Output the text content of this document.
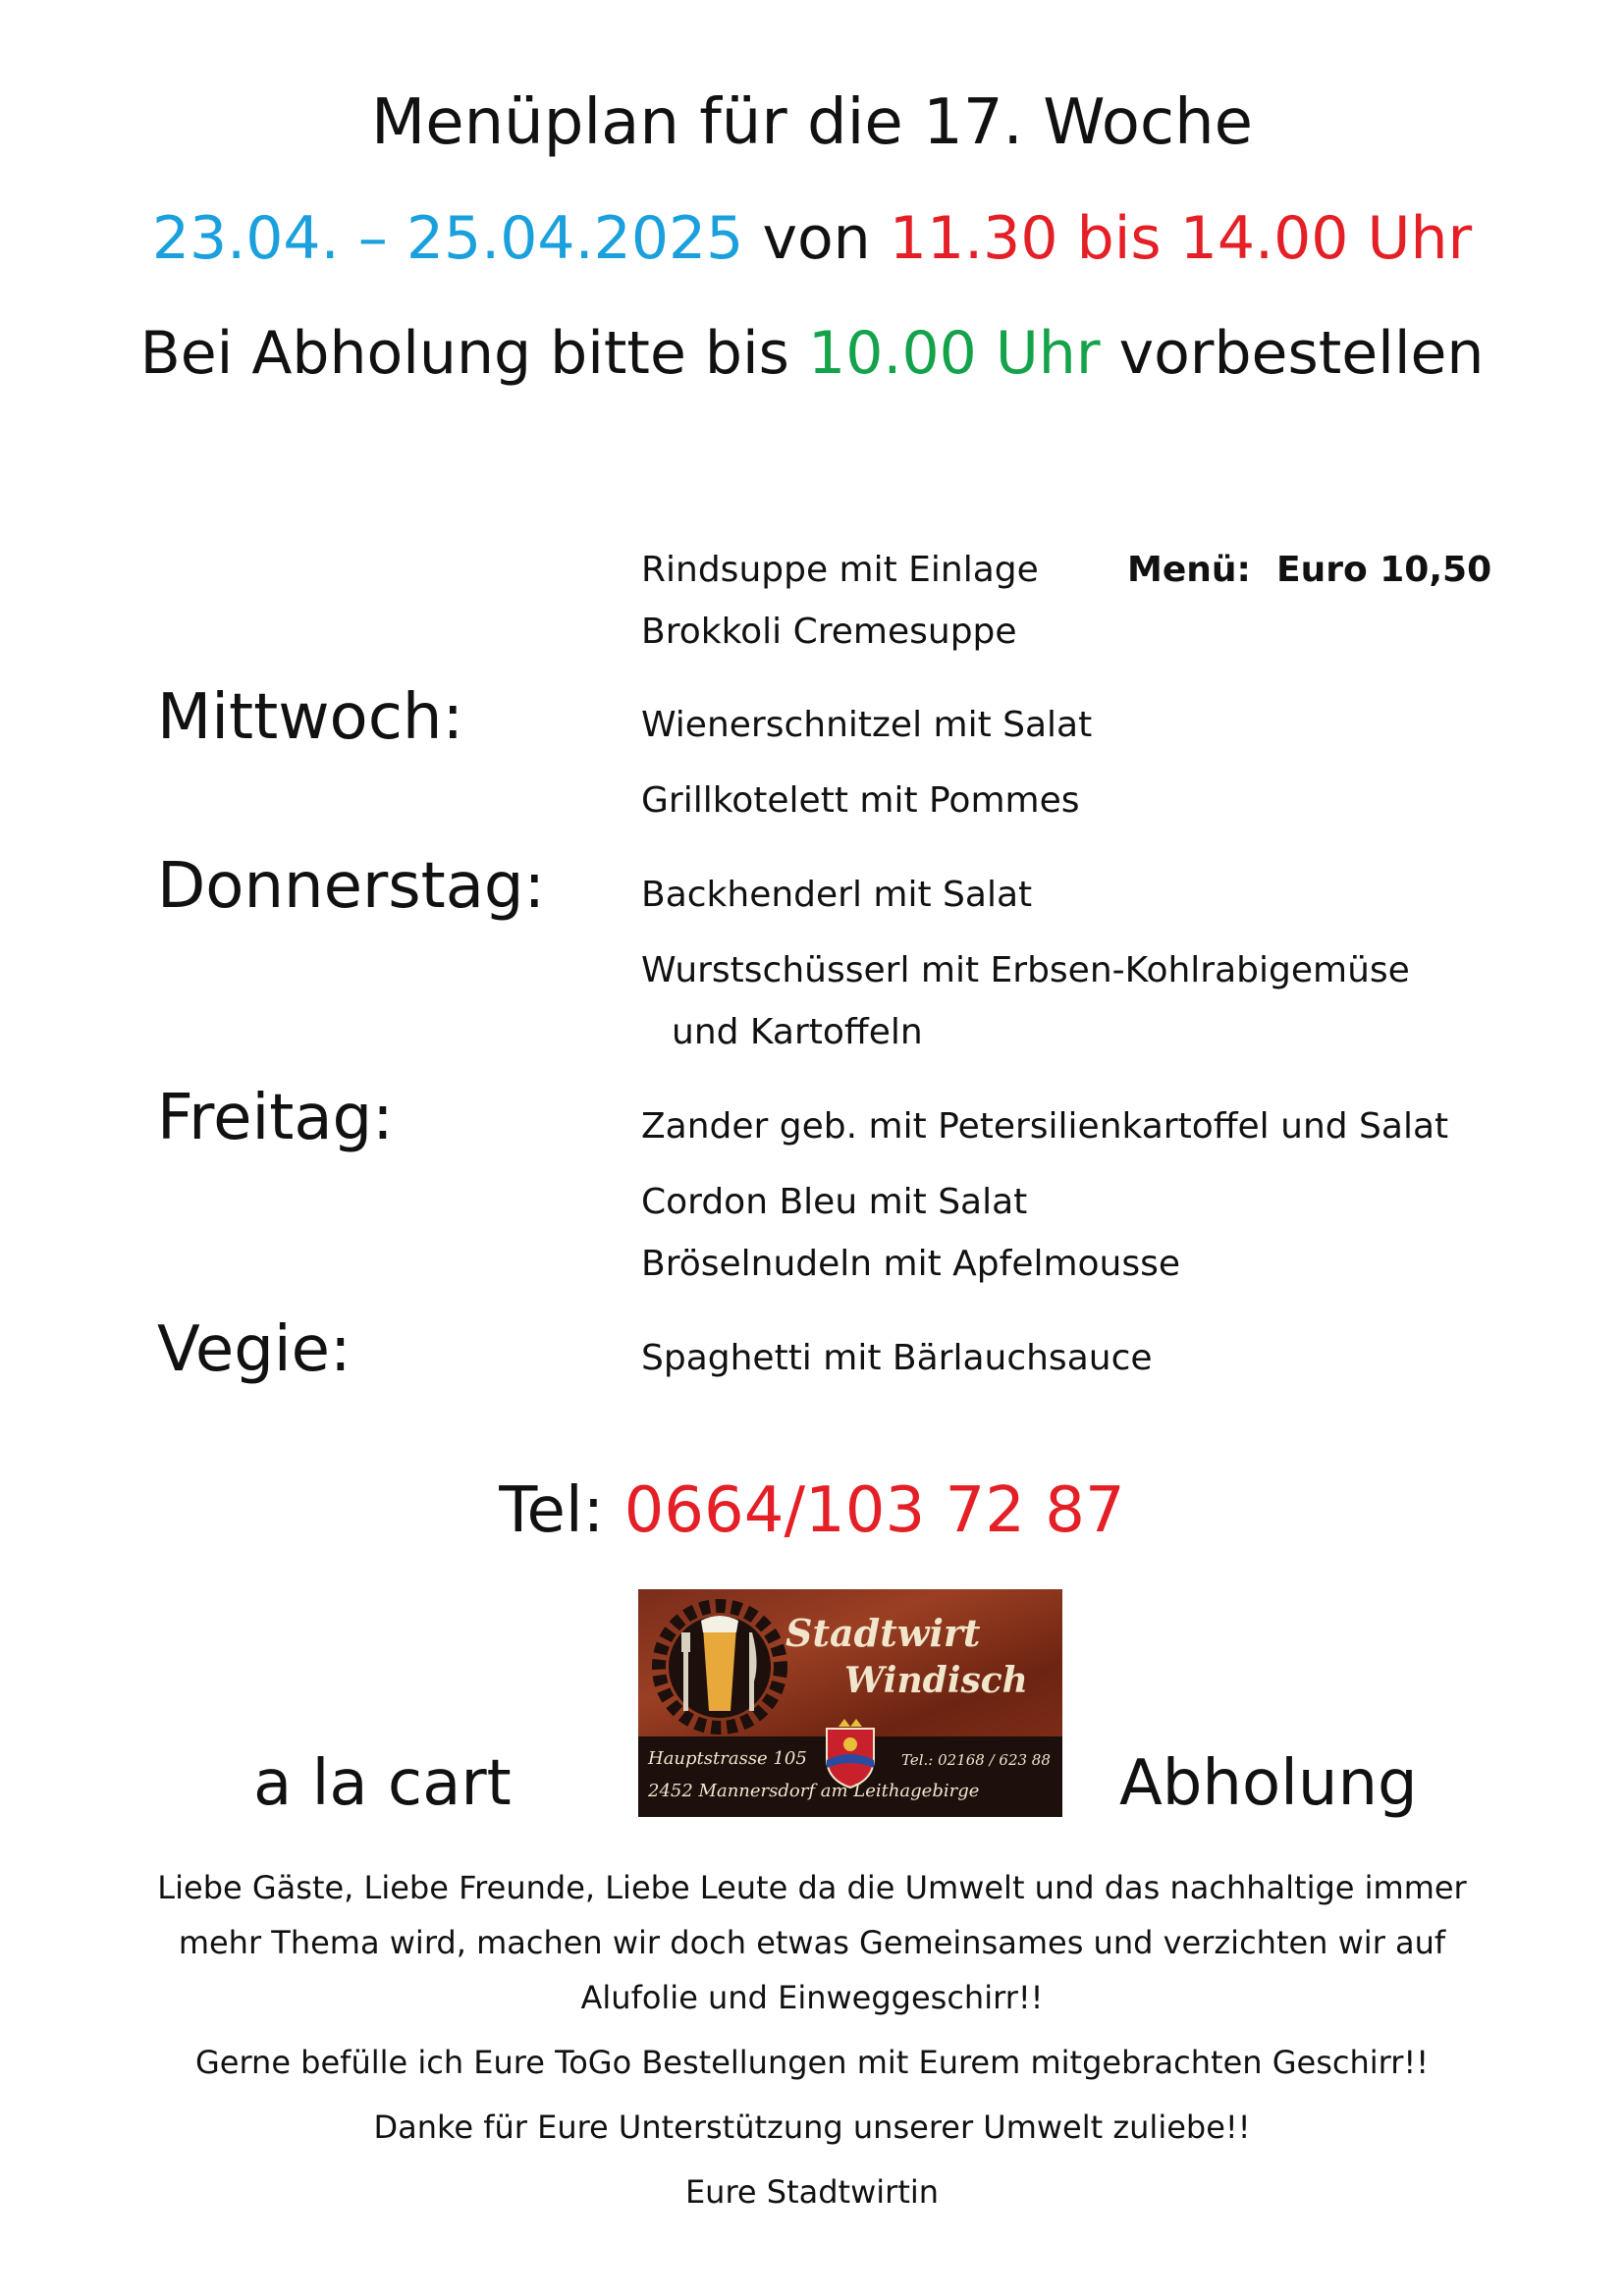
Menüplan für die 17. Woche
23.04. – 25.04.2025 von 11.30 bis 14.00 Uhr
Bei Abholung bitte bis 10.00 Uhr vorbestellen
Rindsuppe mit Einlage
Brokkoli Cremesuppe
Menü: Euro 10,50
Mittwoch:	Wienerschnitzel mit Salat
Grillkotelett mit Pommes
Donnerstag:	Backhenderl mit Salat
Wurstschüsserl mit Erbsen-Kohlrabigemüse
und Kartoffeln
Freitag:	Zander geb. mit Petersilienkartoffel und Salat
Cordon Bleu mit Salat
Bröselnudeln mit Apfelmousse
Vegie:	Spaghetti mit Bärlauchsauce
Tel: 0664/103 72 87
Stadtwirt
Windisch
Hauptstrasse 105	Tel.: 02168 / 623 88
2452 Mannersdorf am Leithagebirge
a la cart	Abholung
Liebe Gäste, Liebe Freunde, Liebe Leute da die Umwelt und das nachhaltige immer
mehr Thema wird, machen wir doch etwas Gemeinsames und verzichten wir auf
Alufolie und Einweggeschirr!!
Gerne befülle ich Eure ToGo Bestellungen mit Eurem mitgebrachten Geschirr!!
Danke für Eure Unterstützung unserer Umwelt zuliebe!!
Eure Stadtwirtin
